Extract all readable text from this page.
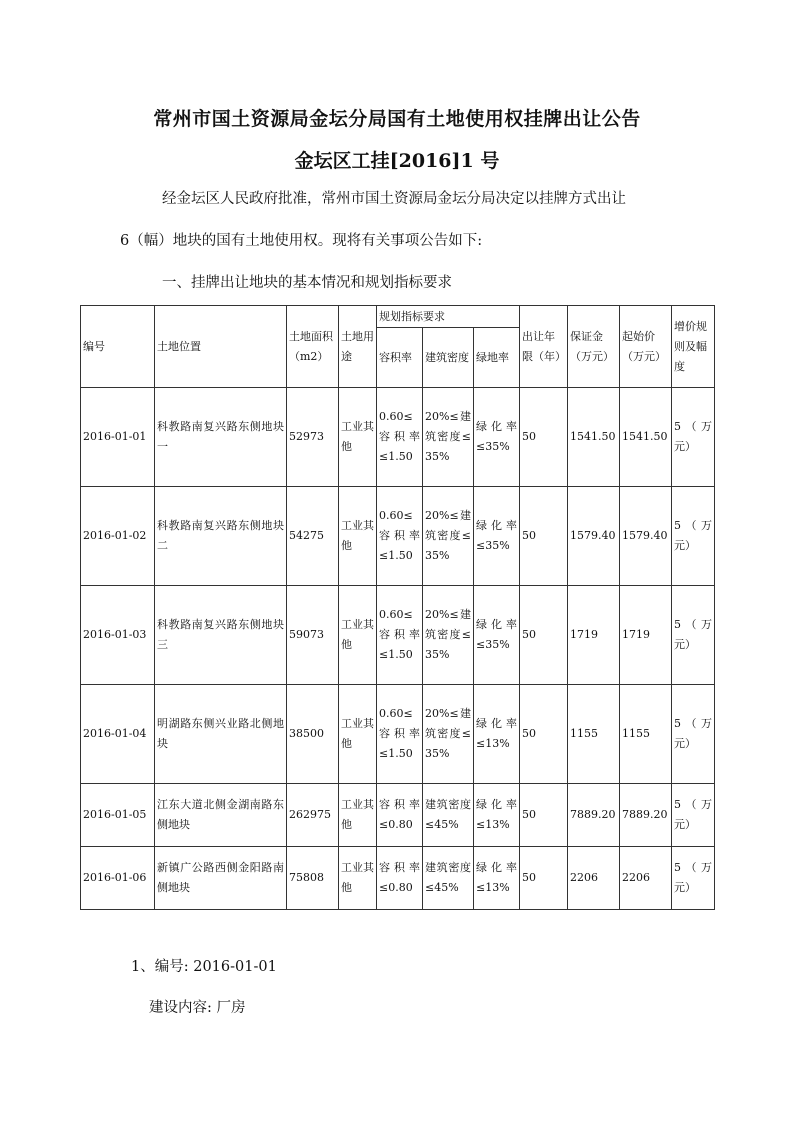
常州市国土资源局金坛分局国有土地使用权挂牌出让公告
金坛区工挂[2016]1 号
经金坛区人民政府批准，常州市国土资源局金坛分局决定以挂牌方式出让
6（幅）地块的国有土地使用权。现将有关事项公告如下:
一、挂牌出让地块的基本情况和规划指标要求
编号	土地位置	土地面积（m2）	土地用途	规划指标要求			出让年限（年）	保证金（万元）	起始价（万元）	增价规则及幅度
				容积率	建筑密度	绿地率				
2016-01-01	科教路南复兴路东侧地块一	52973	工业其他	0.60≤容积率≤1.50	20%≤建筑密度≤35%	绿化率≤35%	50	1541.50	1541.50	5（万元）
2016-01-02	科教路南复兴路东侧地块二	54275	工业其他	0.60≤容积率≤1.50	20%≤建筑密度≤35%	绿化率≤35%	50	1579.40	1579.40	5（万元）
2016-01-03	科教路南复兴路东侧地块三	59073	工业其他	0.60≤容积率≤1.50	20%≤建筑密度≤35%	绿化率≤35%	50	1719	1719	5（万元）
2016-01-04	明湖路东侧兴业路北侧地块	38500	工业其他	0.60≤容积率≤1.50	20%≤建筑密度≤35%	绿化率≤13%	50	1155	1155	5（万元）
2016-01-05	江东大道北侧金湖南路东侧地块	262975	工业其他	容积率≤0.80	建筑密度≤45%	绿化率≤13%	50	7889.20	7889.20	5（万元）
2016-01-06	新镇广公路西侧金阳路南侧地块	75808	工业其他	容积率≤0.80	建筑密度≤45%	绿化率≤13%	50	2206	2206	5（万元）
1、编号: 2016-01-01
建设内容: 厂房
